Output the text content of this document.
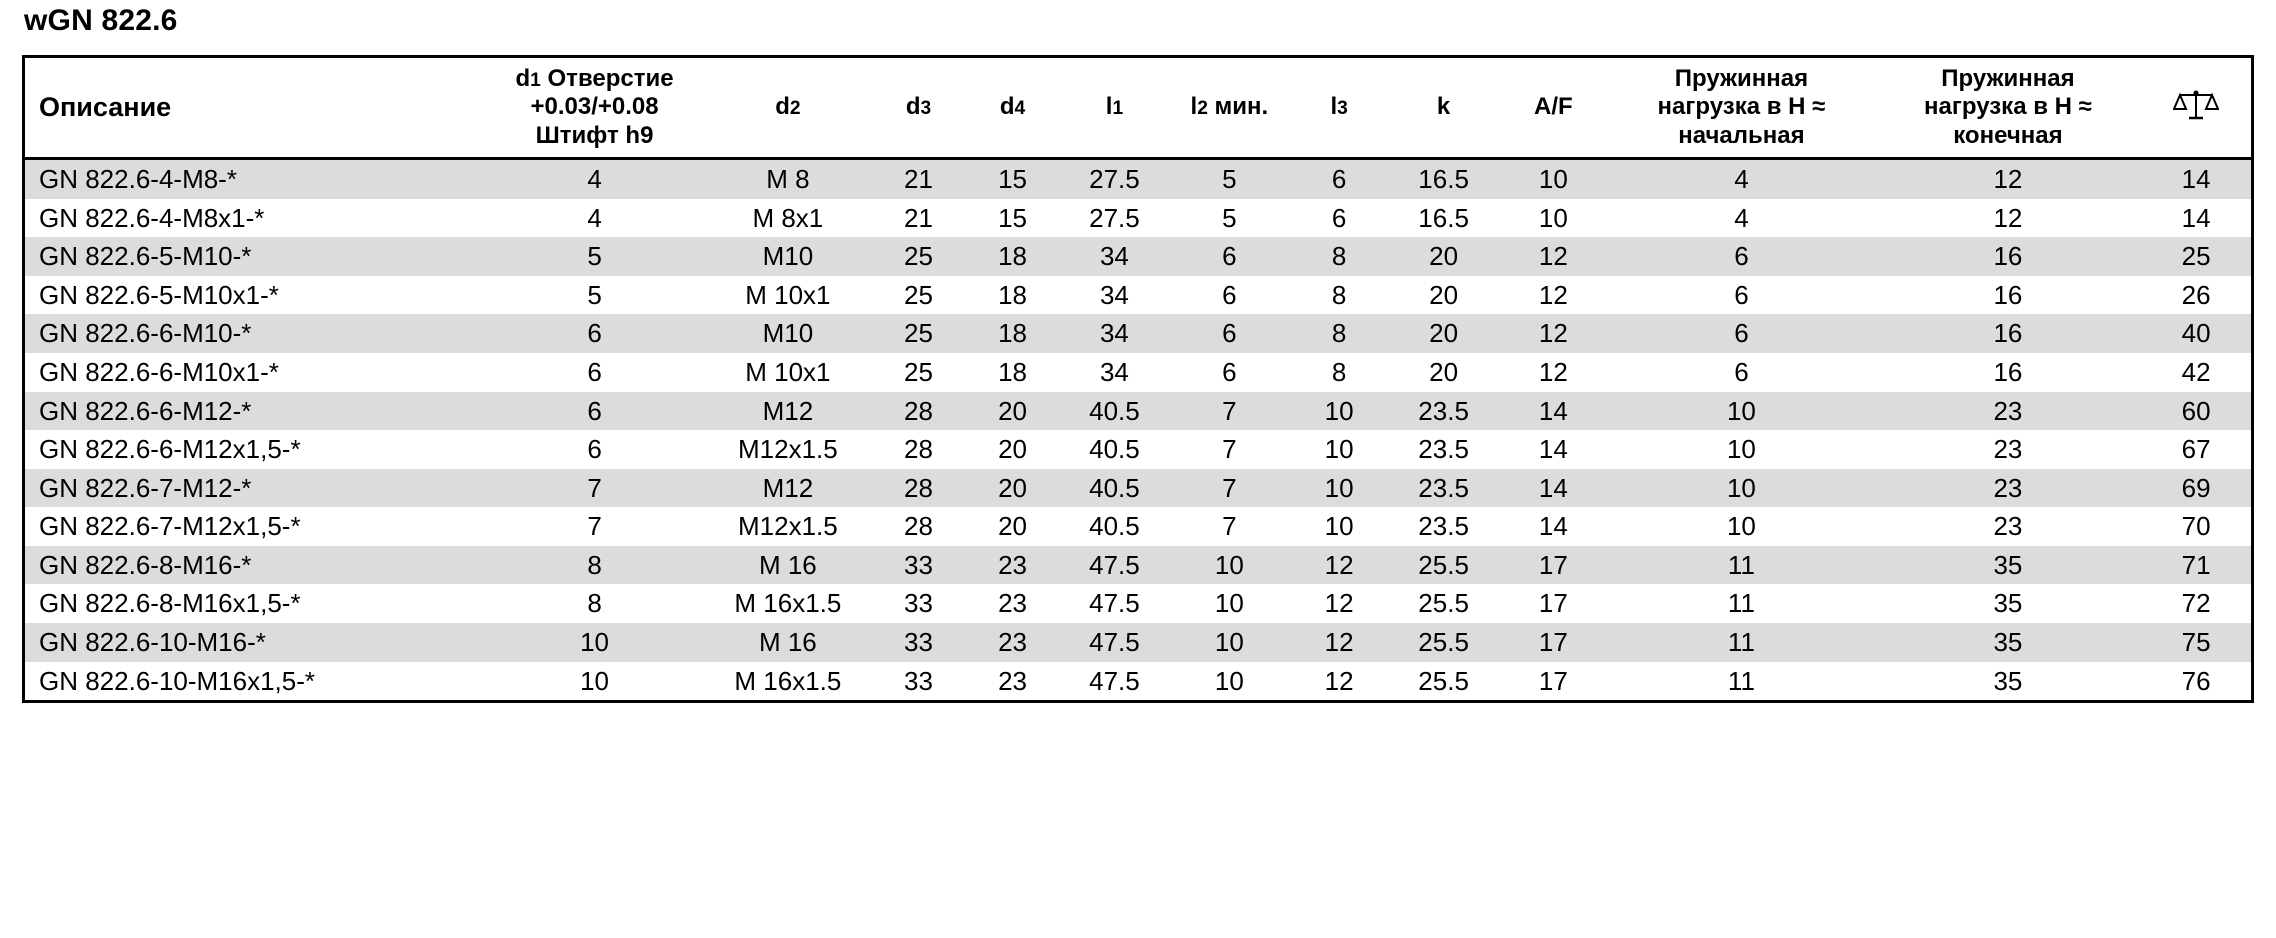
wGN 822.6
Описание	d1 Отверстие
+0.03/+0.08
Штифт h9	d2	d3	d4	l1	l2 мин.	l3	k	A/F	Пружинная
нагрузка в Н ≈
начальная	Пружинная
нагрузка в Н ≈
конечная

GN 822.6-4-M8-*	4	M 8	21	15	27.5	5	6	16.5	10	4	12	14
GN 822.6-4-M8x1-*	4	M 8x1	21	15	27.5	5	6	16.5	10	4	12	14
GN 822.6-5-M10-*	5	M10	25	18	34	6	8	20	12	6	16	25
GN 822.6-5-M10x1-*	5	M 10x1	25	18	34	6	8	20	12	6	16	26
GN 822.6-6-M10-*	6	M10	25	18	34	6	8	20	12	6	16	40
GN 822.6-6-M10x1-*	6	M 10x1	25	18	34	6	8	20	12	6	16	42
GN 822.6-6-M12-*	6	M12	28	20	40.5	7	10	23.5	14	10	23	60
GN 822.6-6-M12x1,5-*	6	M12x1.5	28	20	40.5	7	10	23.5	14	10	23	67
GN 822.6-7-M12-*	7	M12	28	20	40.5	7	10	23.5	14	10	23	69
GN 822.6-7-M12x1,5-*	7	M12x1.5	28	20	40.5	7	10	23.5	14	10	23	70
GN 822.6-8-M16-*	8	M 16	33	23	47.5	10	12	25.5	17	11	35	71
GN 822.6-8-M16x1,5-*	8	M 16x1.5	33	23	47.5	10	12	25.5	17	11	35	72
GN 822.6-10-M16-*	10	M 16	33	23	47.5	10	12	25.5	17	11	35	75
GN 822.6-10-M16x1,5-*	10	M 16x1.5	33	23	47.5	10	12	25.5	17	11	35	76
